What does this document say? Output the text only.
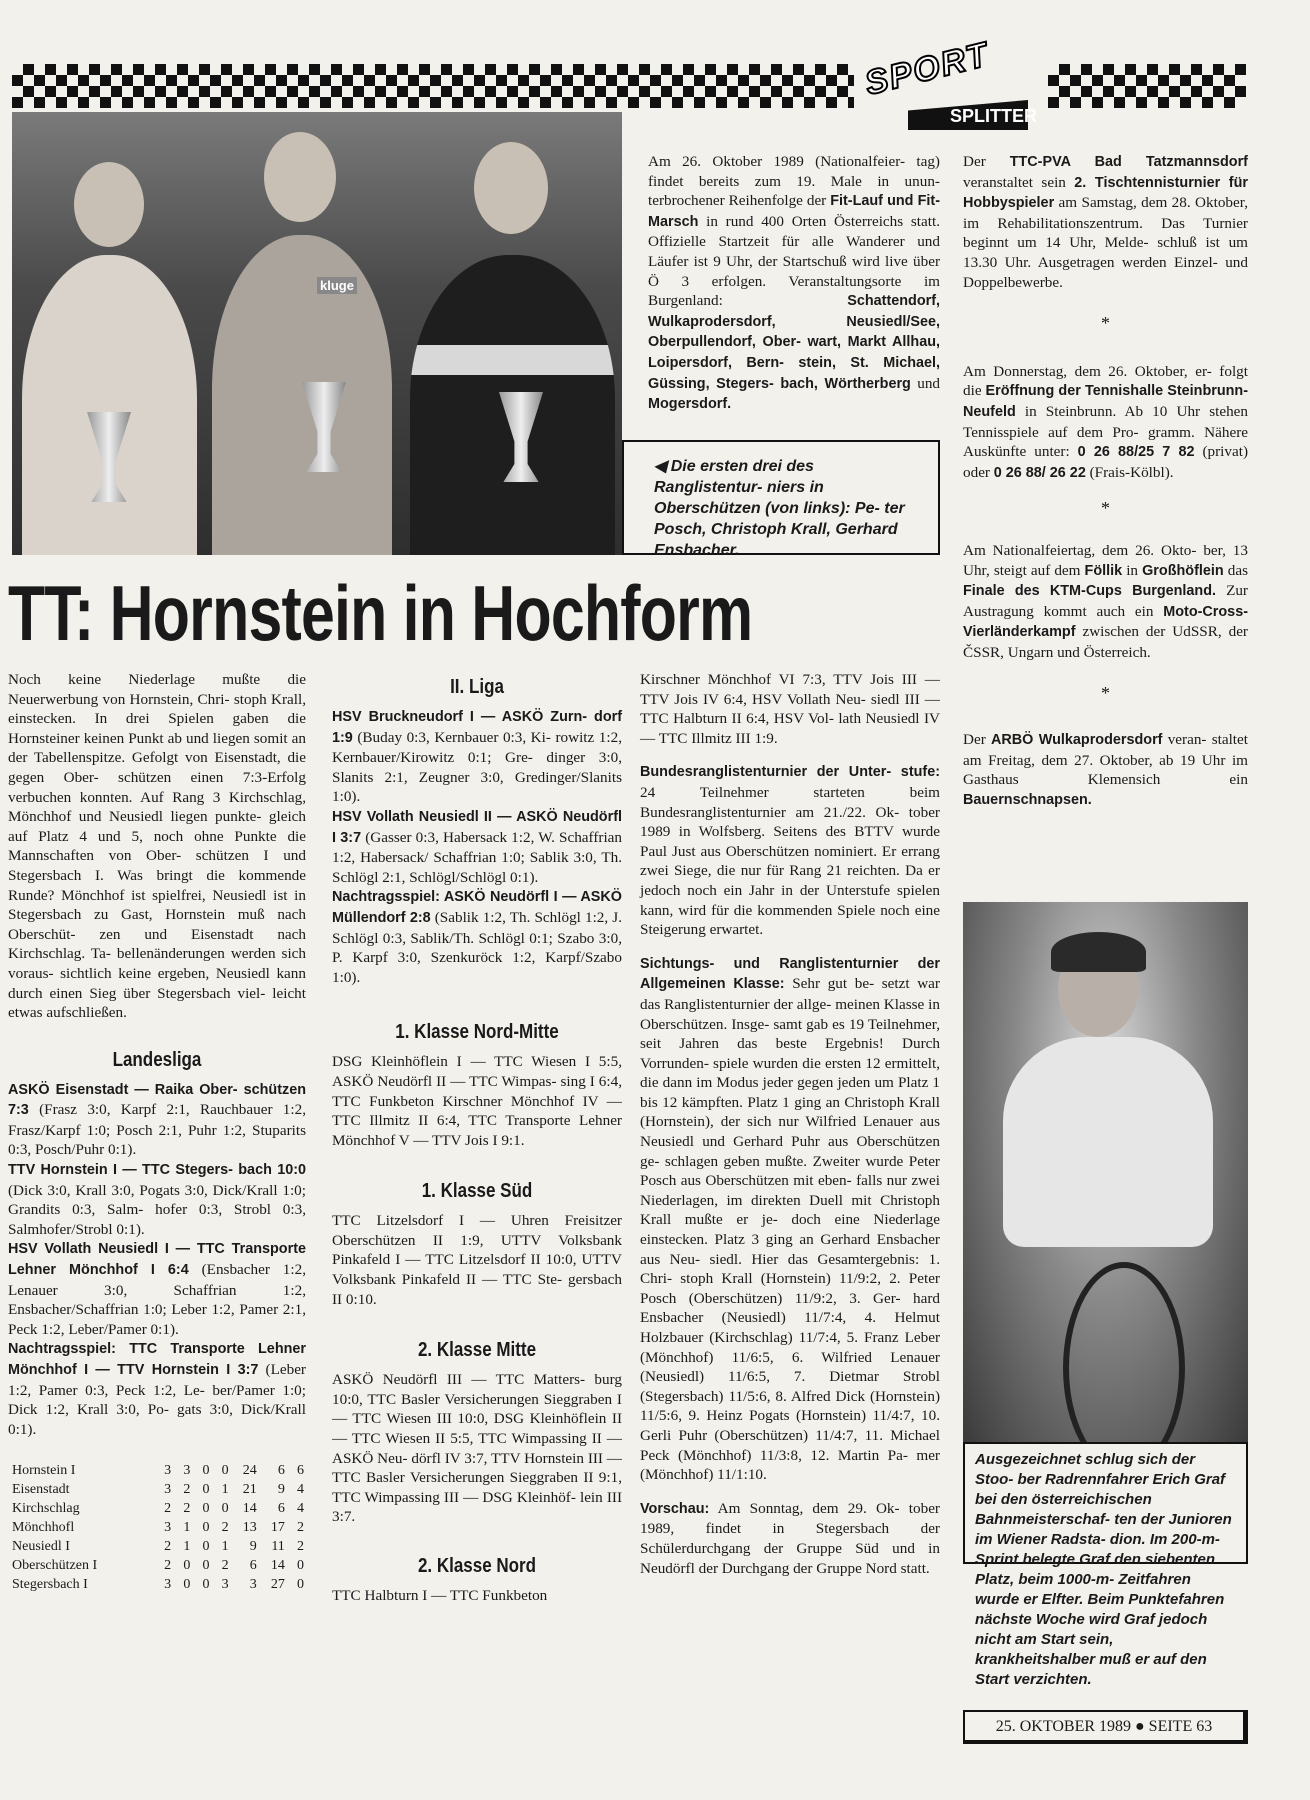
SPORT
SPLITTER
kluge

Am 26. Oktober 1989 (Nationalfeier- tag) findet bereits zum 19. Male in unun- terbrochener Reihenfolge der Fit-Lauf und Fit-Marsch in rund 400 Orten Österreichs statt. Offizielle Startzeit für alle Wanderer und Läufer ist 9 Uhr, der Startschuß wird live über Ö 3 erfolgen. Veranstaltungsorte im Burgenland: Schattendorf, Wulkaprodersdorf, Neusiedl/See, Oberpullendorf, Ober- wart, Markt Allhau, Loipersdorf, Bern- stein, St. Michael, Güssing, Stegers- bach, Wörtherberg und Mogersdorf.

◀ Die ersten drei des Ranglistentur- niers in Oberschützen (von links): Pe- ter Posch, Christoph Krall, Gerhard Ensbacher.

Der TTC-PVA Bad Tatzmannsdorf veranstaltet sein 2. Tischtennisturnier für Hobbyspieler am Samstag, dem 28. Oktober, im Rehabilitationszentrum. Das Turnier beginnt um 14 Uhr, Melde- schluß ist um 13.30 Uhr. Ausgetragen werden Einzel- und Doppelbewerbe.

*

Am Donnerstag, dem 26. Oktober, er- folgt die Eröffnung der Tennishalle Steinbrunn-Neufeld in Steinbrunn. Ab 10 Uhr stehen Tennisspiele auf dem Pro- gramm. Nähere Auskünfte unter: 0 26 88/25 7 82 (privat) oder 0 26 88/ 26 22 (Frais-Kölbl).

*

Am Nationalfeiertag, dem 26. Okto- ber, 13 Uhr, steigt auf dem Föllik in Großhöflein das Finale des KTM-Cups Burgenland. Zur Austragung kommt auch ein Moto-Cross-Vierländerkampf zwischen der UdSSR, der ČSSR, Ungarn und Österreich.

*

Der ARBÖ Wulkaprodersdorf veran- staltet am Freitag, dem 27. Oktober, ab 19 Uhr im Gasthaus Klemensich ein Bauernschnapsen.

TT: Hornstein in Hochform

Noch keine Niederlage mußte die Neuerwerbung von Hornstein, Chri- stoph Krall, einstecken. In drei Spielen gaben die Hornsteiner keinen Punkt ab und liegen somit an der Tabellenspitze. Gefolgt von Eisenstadt, die gegen Ober- schützen einen 7:3-Erfolg verbuchen konnten. Auf Rang 3 Kirchschlag, Mönchhof und Neusiedl liegen punkte- gleich auf Platz 4 und 5, noch ohne Punkte die Mannschaften von Ober- schützen I und Stegersbach I. Was bringt die kommende Runde? Mönchhof ist spielfrei, Neusiedl ist in Stegersbach zu Gast, Hornstein muß nach Oberschüt- zen und Eisenstadt nach Kirchschlag. Ta- bellenänderungen werden sich voraus- sichtlich keine ergeben, Neusiedl kann durch einen Sieg über Stegersbach viel- leicht etwas aufschließen.

Landesliga

ASKÖ Eisenstadt — Raika Ober- schützen 7:3 (Frasz 3:0, Karpf 2:1, Rauchbauer 1:2, Frasz/Karpf 1:0; Posch 2:1, Puhr 1:2, Stuparits 0:3, Posch/Puhr 0:1).

TTV Hornstein I — TTC Stegers- bach 10:0 (Dick 3:0, Krall 3:0, Pogats 3:0, Dick/Krall 1:0; Grandits 0:3, Salm- hofer 0:3, Strobl 0:3, Salmhofer/Strobl 0:1).

HSV Vollath Neusiedl I — TTC Transporte Lehner Mönchhof I 6:4 (Ensbacher 1:2, Lenauer 3:0, Schaffrian 1:2, Ensbacher/Schaffrian 1:0; Leber 1:2, Pamer 2:1, Peck 1:2, Leber/Pamer 0:1).

Nachtragsspiel: TTC Transporte Lehner Mönchhof I — TTV Hornstein I 3:7 (Leber 1:2, Pamer 0:3, Peck 1:2, Le- ber/Pamer 1:0; Dick 1:2, Krall 3:0, Po- gats 3:0, Dick/Krall 0:1).

Hornstein I	3	3	0	0	24	6	6
Eisenstadt	3	2	0	1	21	9	4
Kirchschlag	2	2	0	0	14	6	4
Mönchhofl	3	1	0	2	13	17	2
Neusiedl I	2	1	0	1	9	11	2
Oberschützen I	2	0	0	2	6	14	0
Stegersbach I	3	0	0	3	3	27	0
II. Liga

HSV Bruckneudorf I — ASKÖ Zurn- dorf 1:9 (Buday 0:3, Kernbauer 0:3, Ki- rowitz 1:2, Kernbauer/Kirowitz 0:1; Gre- dinger 3:0, Slanits 2:1, Zeugner 3:0, Gredinger/Slanits 1:0).

HSV Vollath Neusiedl II — ASKÖ Neudörfl I 3:7 (Gasser 0:3, Habersack 1:2, W. Schaffrian 1:2, Habersack/ Schaffrian 1:0; Sablik 3:0, Th. Schlögl 2:1, Schlögl/Schlögl 0:1).

Nachtragsspiel: ASKÖ Neudörfl I — ASKÖ Müllendorf 2:8 (Sablik 1:2, Th. Schlögl 1:2, J. Schlögl 0:3, Sablik/Th. Schlögl 0:1; Szabo 3:0, P. Karpf 3:0, Szenkuröck 1:2, Karpf/Szabo 1:0).

1. Klasse Nord-Mitte

DSG Kleinhöflein I — TTC Wiesen I 5:5, ASKÖ Neudörfl II — TTC Wimpas- sing I 6:4, TTC Funkbeton Kirschner Mönchhof IV — TTC Illmitz II 6:4, TTC Transporte Lehner Mönchhof V — TTV Jois I 9:1.

1. Klasse Süd

TTC Litzelsdorf I — Uhren Freisitzer Oberschützen II 1:9, UTTV Volksbank Pinkafeld I — TTC Litzelsdorf II 10:0, UTTV Volksbank Pinkafeld II — TTC Ste- gersbach II 0:10.

2. Klasse Mitte

ASKÖ Neudörfl III — TTC Matters- burg 10:0, TTC Basler Versicherungen Sieggraben I — TTC Wiesen III 10:0, DSG Kleinhöflein II — TTC Wiesen II 5:5, TTC Wimpassing II — ASKÖ Neu- dörfl IV 3:7, TTV Hornstein III — TTC Basler Versicherungen Sieggraben II 9:1, TTC Wimpassing III — DSG Kleinhöf- lein III 3:7.

2. Klasse Nord

TTC Halbturn I — TTC Funkbeton

Kirschner Mönchhof VI 7:3, TTV Jois III — TTV Jois IV 6:4, HSV Vollath Neu- siedl III — TTC Halbturn II 6:4, HSV Vol- lath Neusiedl IV — TTC Illmitz III 1:9.

Bundesranglistenturnier der Unter- stufe: 24 Teilnehmer starteten beim Bundesranglistenturnier am 21./22. Ok- tober 1989 in Wolfsberg. Seitens des BTTV wurde Paul Just aus Oberschützen nominiert. Er errang zwei Siege, die nur für Rang 21 reichten. Da er jedoch noch ein Jahr in der Unterstufe spielen kann, wird für die kommenden Spiele noch eine Steigerung erwartet.

Sichtungs- und Ranglistenturnier der Allgemeinen Klasse: Sehr gut be- setzt war das Ranglistenturnier der allge- meinen Klasse in Oberschützen. Insge- samt gab es 19 Teilnehmer, seit Jahren das beste Ergebnis! Durch Vorrunden- spiele wurden die ersten 12 ermittelt, die dann im Modus jeder gegen jeden um Platz 1 bis 12 kämpften. Platz 1 ging an Christoph Krall (Hornstein), der sich nur Wilfried Lenauer aus Neusiedl und Gerhard Puhr aus Oberschützen ge- schlagen geben mußte. Zweiter wurde Peter Posch aus Oberschützen mit eben- falls nur zwei Niederlagen, im direkten Duell mit Christoph Krall mußte er je- doch eine Niederlage einstecken. Platz 3 ging an Gerhard Ensbacher aus Neu- siedl. Hier das Gesamtergebnis: 1. Chri- stoph Krall (Hornstein) 11/9:2, 2. Peter Posch (Oberschützen) 11/9:2, 3. Ger- hard Ensbacher (Neusiedl) 11/7:4, 4. Helmut Holzbauer (Kirchschlag) 11/7:4, 5. Franz Leber (Mönchhof) 11/6:5, 6. Wilfried Lenauer (Neusiedl) 11/6:5, 7. Dietmar Strobl (Stegersbach) 11/5:6, 8. Alfred Dick (Hornstein) 11/5:6, 9. Heinz Pogats (Hornstein) 11/4:7, 10. Gerli Puhr (Oberschützen) 11/4:7, 11. Michael Peck (Mönchhof) 11/3:8, 12. Martin Pa- mer (Mönchhof) 11/1:10.

Vorschau: Am Sonntag, dem 29. Ok- tober 1989, findet in Stegersbach der Schülerdurchgang der Gruppe Süd und in Neudörfl der Durchgang der Gruppe Nord statt.

Ausgezeichnet schlug sich der Stoo- ber Radrennfahrer Erich Graf bei den österreichischen Bahnmeisterschaf- ten der Junioren im Wiener Radsta- dion. Im 200-m-Sprint belegte Graf den siebenten Platz, beim 1000-m- Zeitfahren wurde er Elfter. Beim Punktefahren nächste Woche wird Graf jedoch nicht am Start sein, krankheitshalber muß er auf den Start verzichten.
25. OKTOBER 1989 ● SEITE 63
